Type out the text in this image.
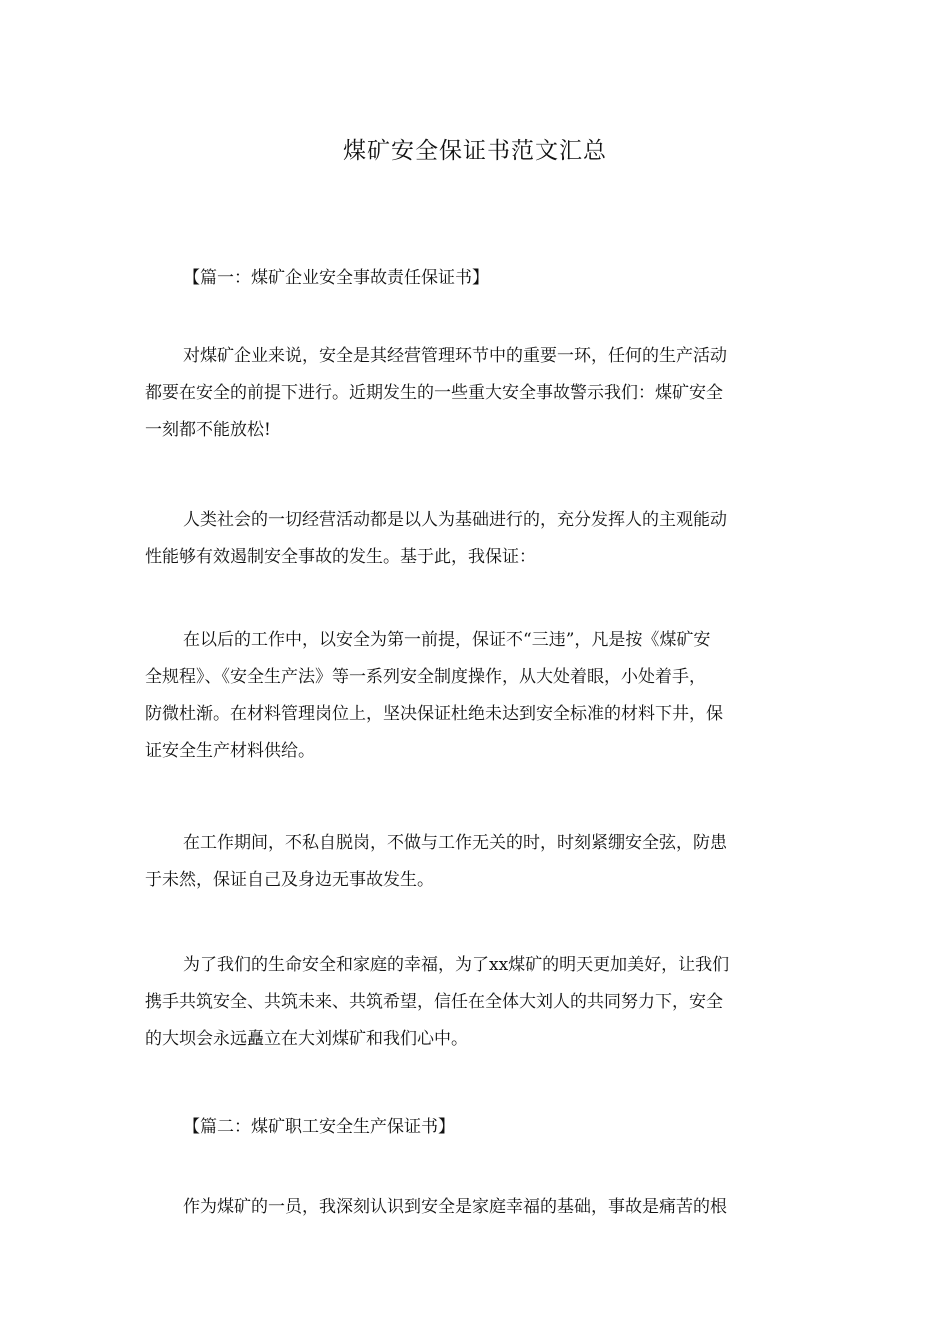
煤矿安全保证书范文汇总
【篇一：煤矿企业安全事故责任保证书】
对煤矿企业来说，安全是其经营管理环节中的重要一环，任何的生产活动
都要在安全的前提下进行。近期发生的一些重大安全事故警示我们：煤矿安全
一刻都不能放松!
人类社会的一切经营活动都是以人为基础进行的，充分发挥人的主观能动
性能够有效遏制安全事故的发生。基于此，我保证：
在以后的工作中，以安全为第一前提，保证不“三违”，凡是按《煤矿安
全规程》、《安全生产法》等一系列安全制度操作，从大处着眼，小处着手，
防微杜渐。在材料管理岗位上，坚决保证杜绝未达到安全标准的材料下井，保
证安全生产材料供给。
在工作期间，不私自脱岗，不做与工作无关的时，时刻紧绷安全弦，防患
于未然，保证自己及身边无事故发生。
为了我们的生命安全和家庭的幸福，为了xx煤矿的明天更加美好，让我们
携手共筑安全、共筑未来、共筑希望，信任在全体大刘人的共同努力下，安全
的大坝会永远矗立在大刘煤矿和我们心中。
【篇二：煤矿职工安全生产保证书】
作为煤矿的一员，我深刻认识到安全是家庭幸福的基础，事故是痛苦的根
